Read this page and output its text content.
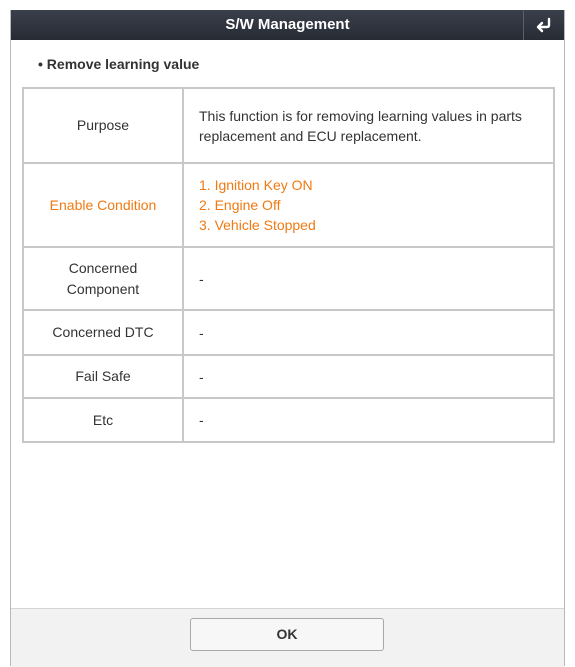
S/W Management
• Remove learning value
Purpose	This function is for removing learning values in parts
replacement and ECU replacement.

Enable Condition	1. Ignition Key ON
2. Engine Off
3. Vehicle Stopped

Concerned
Component	-
Concerned DTC	-
Fail Safe	-
Etc	-
OK
